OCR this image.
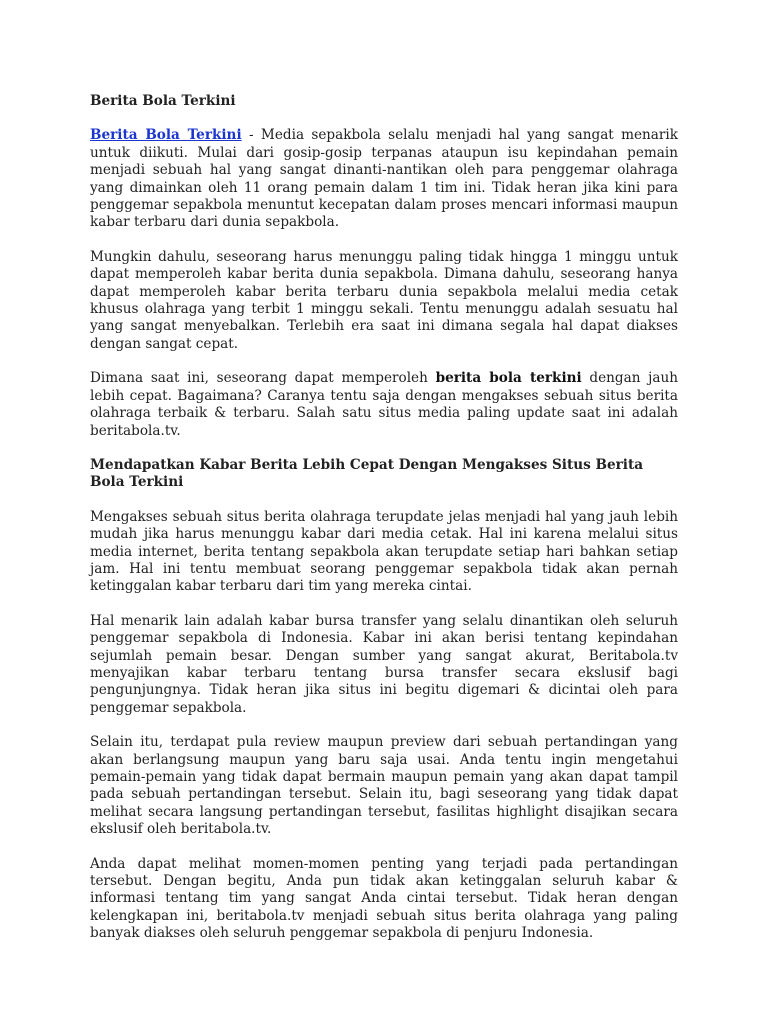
Berita Bola Terkini

Berita Bola Terkini - Media sepakbola selalu menjadi hal yang sangat menarik untuk diikuti. Mulai dari gosip-gosip terpanas ataupun isu kepindahan pemain menjadi sebuah hal yang sangat dinanti-nantikan oleh para penggemar olahraga yang dimainkan oleh 11 orang pemain dalam 1 tim ini. Tidak heran jika kini para penggemar sepakbola menuntut kecepatan dalam proses mencari informasi maupun kabar terbaru dari dunia sepakbola.

Mungkin dahulu, seseorang harus menunggu paling tidak hingga 1 minggu untuk dapat memperoleh kabar berita dunia sepakbola. Dimana dahulu, seseorang hanya dapat memperoleh kabar berita terbaru dunia sepakbola melalui media cetak khusus olahraga yang terbit 1 minggu sekali. Tentu menunggu adalah sesuatu hal yang sangat menyebalkan. Terlebih era saat ini dimana segala hal dapat diakses dengan sangat cepat.

Dimana saat ini, seseorang dapat memperoleh berita bola terkini dengan jauh lebih cepat. Bagaimana? Caranya tentu saja dengan mengakses sebuah situs berita olahraga terbaik & terbaru. Salah satu situs media paling update saat ini adalah beritabola.tv.

Mendapatkan Kabar Berita Lebih Cepat Dengan Mengakses Situs Berita Bola Terkini

Mengakses sebuah situs berita olahraga terupdate jelas menjadi hal yang jauh lebih mudah jika harus menunggu kabar dari media cetak. Hal ini karena melalui situs media internet, berita tentang sepakbola akan terupdate setiap hari bahkan setiap jam. Hal ini tentu membuat seorang penggemar sepakbola tidak akan pernah ketinggalan kabar terbaru dari tim yang mereka cintai.

Hal menarik lain adalah kabar bursa transfer yang selalu dinantikan oleh seluruh penggemar sepakbola di Indonesia. Kabar ini akan berisi tentang kepindahan sejumlah pemain besar. Dengan sumber yang sangat akurat, Beritabola.tv menyajikan kabar terbaru tentang bursa transfer secara ekslusif bagi pengunjungnya. Tidak heran jika situs ini begitu digemari & dicintai oleh para penggemar sepakbola.

Selain itu, terdapat pula review maupun preview dari sebuah pertandingan yang akan berlangsung maupun yang baru saja usai. Anda tentu ingin mengetahui pemain-pemain yang tidak dapat bermain maupun pemain yang akan dapat tampil pada sebuah pertandingan tersebut. Selain itu, bagi seseorang yang tidak dapat melihat secara langsung pertandingan tersebut, fasilitas highlight disajikan secara ekslusif oleh beritabola.tv.

Anda dapat melihat momen-momen penting yang terjadi pada pertandingan tersebut. Dengan begitu, Anda pun tidak akan ketinggalan seluruh kabar & informasi tentang tim yang sangat Anda cintai tersebut. Tidak heran dengan kelengkapan ini, beritabola.tv menjadi sebuah situs berita olahraga yang paling banyak diakses oleh seluruh penggemar sepakbola di penjuru Indonesia.
